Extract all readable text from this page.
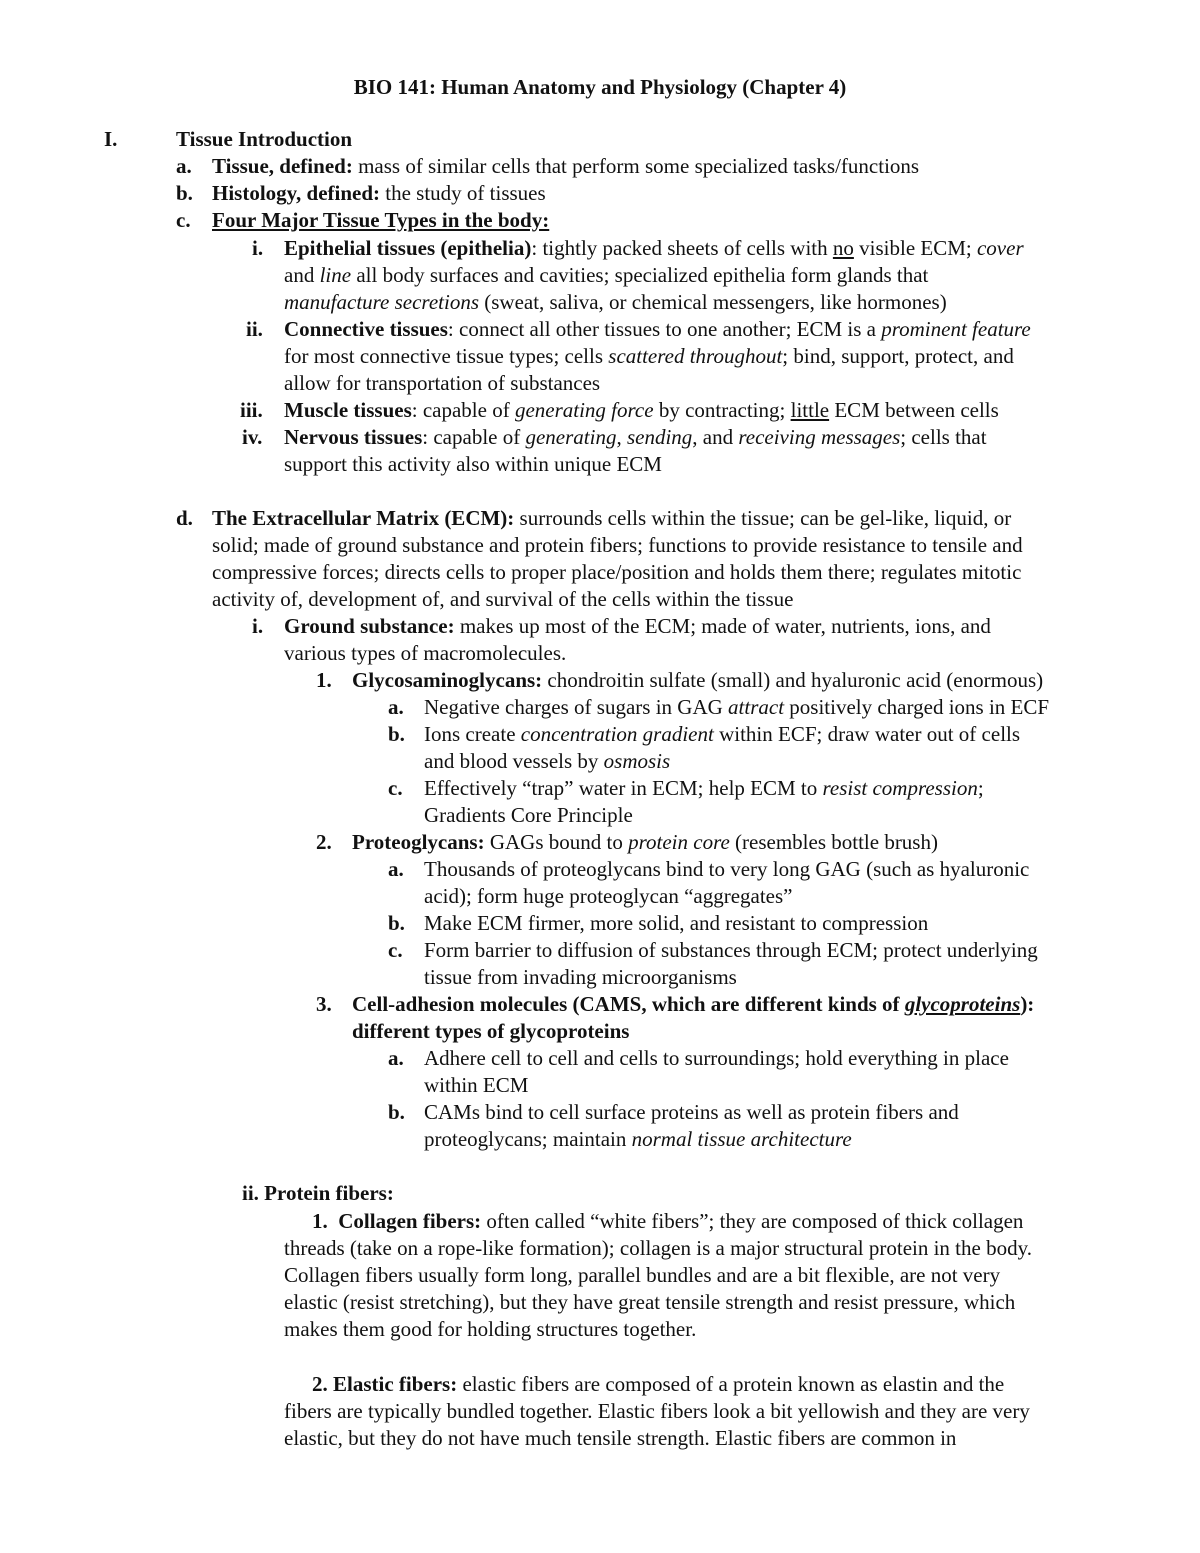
BIO 141: Human Anatomy and Physiology (Chapter 4)
I.	Tissue Introduction
a. Tissue, defined: mass of similar cells that perform some specialized tasks/functions
b. Histology, defined: the study of tissues
c. Four Major Tissue Types in the body:
i. Epithelial tissues (epithelia): tightly packed sheets of cells with no visible ECM; cover
and line all body surfaces and cavities; specialized epithelia form glands that
manufacture secretions (sweat, saliva, or chemical messengers, like hormones)
ii. Connective tissues: connect all other tissues to one another; ECM is a prominent feature
for most connective tissue types; cells scattered throughout; bind, support, protect, and
allow for transportation of substances
iii. Muscle tissues: capable of generating force by contracting; little ECM between cells
iv. Nervous tissues: capable of generating, sending, and receiving messages; cells that
support this activity also within unique ECM
d. The Extracellular Matrix (ECM): surrounds cells within the tissue; can be gel-like, liquid, or
solid; made of ground substance and protein fibers; functions to provide resistance to tensile and
compressive forces; directs cells to proper place/position and holds them there; regulates mitotic
activity of, development of, and survival of the cells within the tissue
i. Ground substance: makes up most of the ECM; made of water, nutrients, ions, and
various types of macromolecules.
1. Glycosaminoglycans: chondroitin sulfate (small) and hyaluronic acid (enormous)
a. Negative charges of sugars in GAG attract positively charged ions in ECF
b. Ions create concentration gradient within ECF; draw water out of cells
and blood vessels by osmosis
c. Effectively “trap” water in ECM; help ECM to resist compression;
Gradients Core Principle
2. Proteoglycans: GAGs bound to protein core (resembles bottle brush)
a. Thousands of proteoglycans bind to very long GAG (such as hyaluronic
acid); form huge proteoglycan “aggregates”
b. Make ECM firmer, more solid, and resistant to compression
c. Form barrier to diffusion of substances through ECM; protect underlying
tissue from invading microorganisms
3. Cell-adhesion molecules (CAMS, which are different kinds of glycoproteins):
different types of glycoproteins
a. Adhere cell to cell and cells to surroundings; hold everything in place
within ECM
b. CAMs bind to cell surface proteins as well as protein fibers and
proteoglycans; maintain normal tissue architecture
ii. Protein fibers:
1.  Collagen fibers: often called “white fibers”; they are composed of thick collagen
threads (take on a rope-like formation); collagen is a major structural protein in the body.
Collagen fibers usually form long, parallel bundles and are a bit flexible, are not very
elastic (resist stretching), but they have great tensile strength and resist pressure, which
makes them good for holding structures together.
2. Elastic fibers: elastic fibers are composed of a protein known as elastin and the
fibers are typically bundled together. Elastic fibers look a bit yellowish and they are very
elastic, but they do not have much tensile strength. Elastic fibers are common in
